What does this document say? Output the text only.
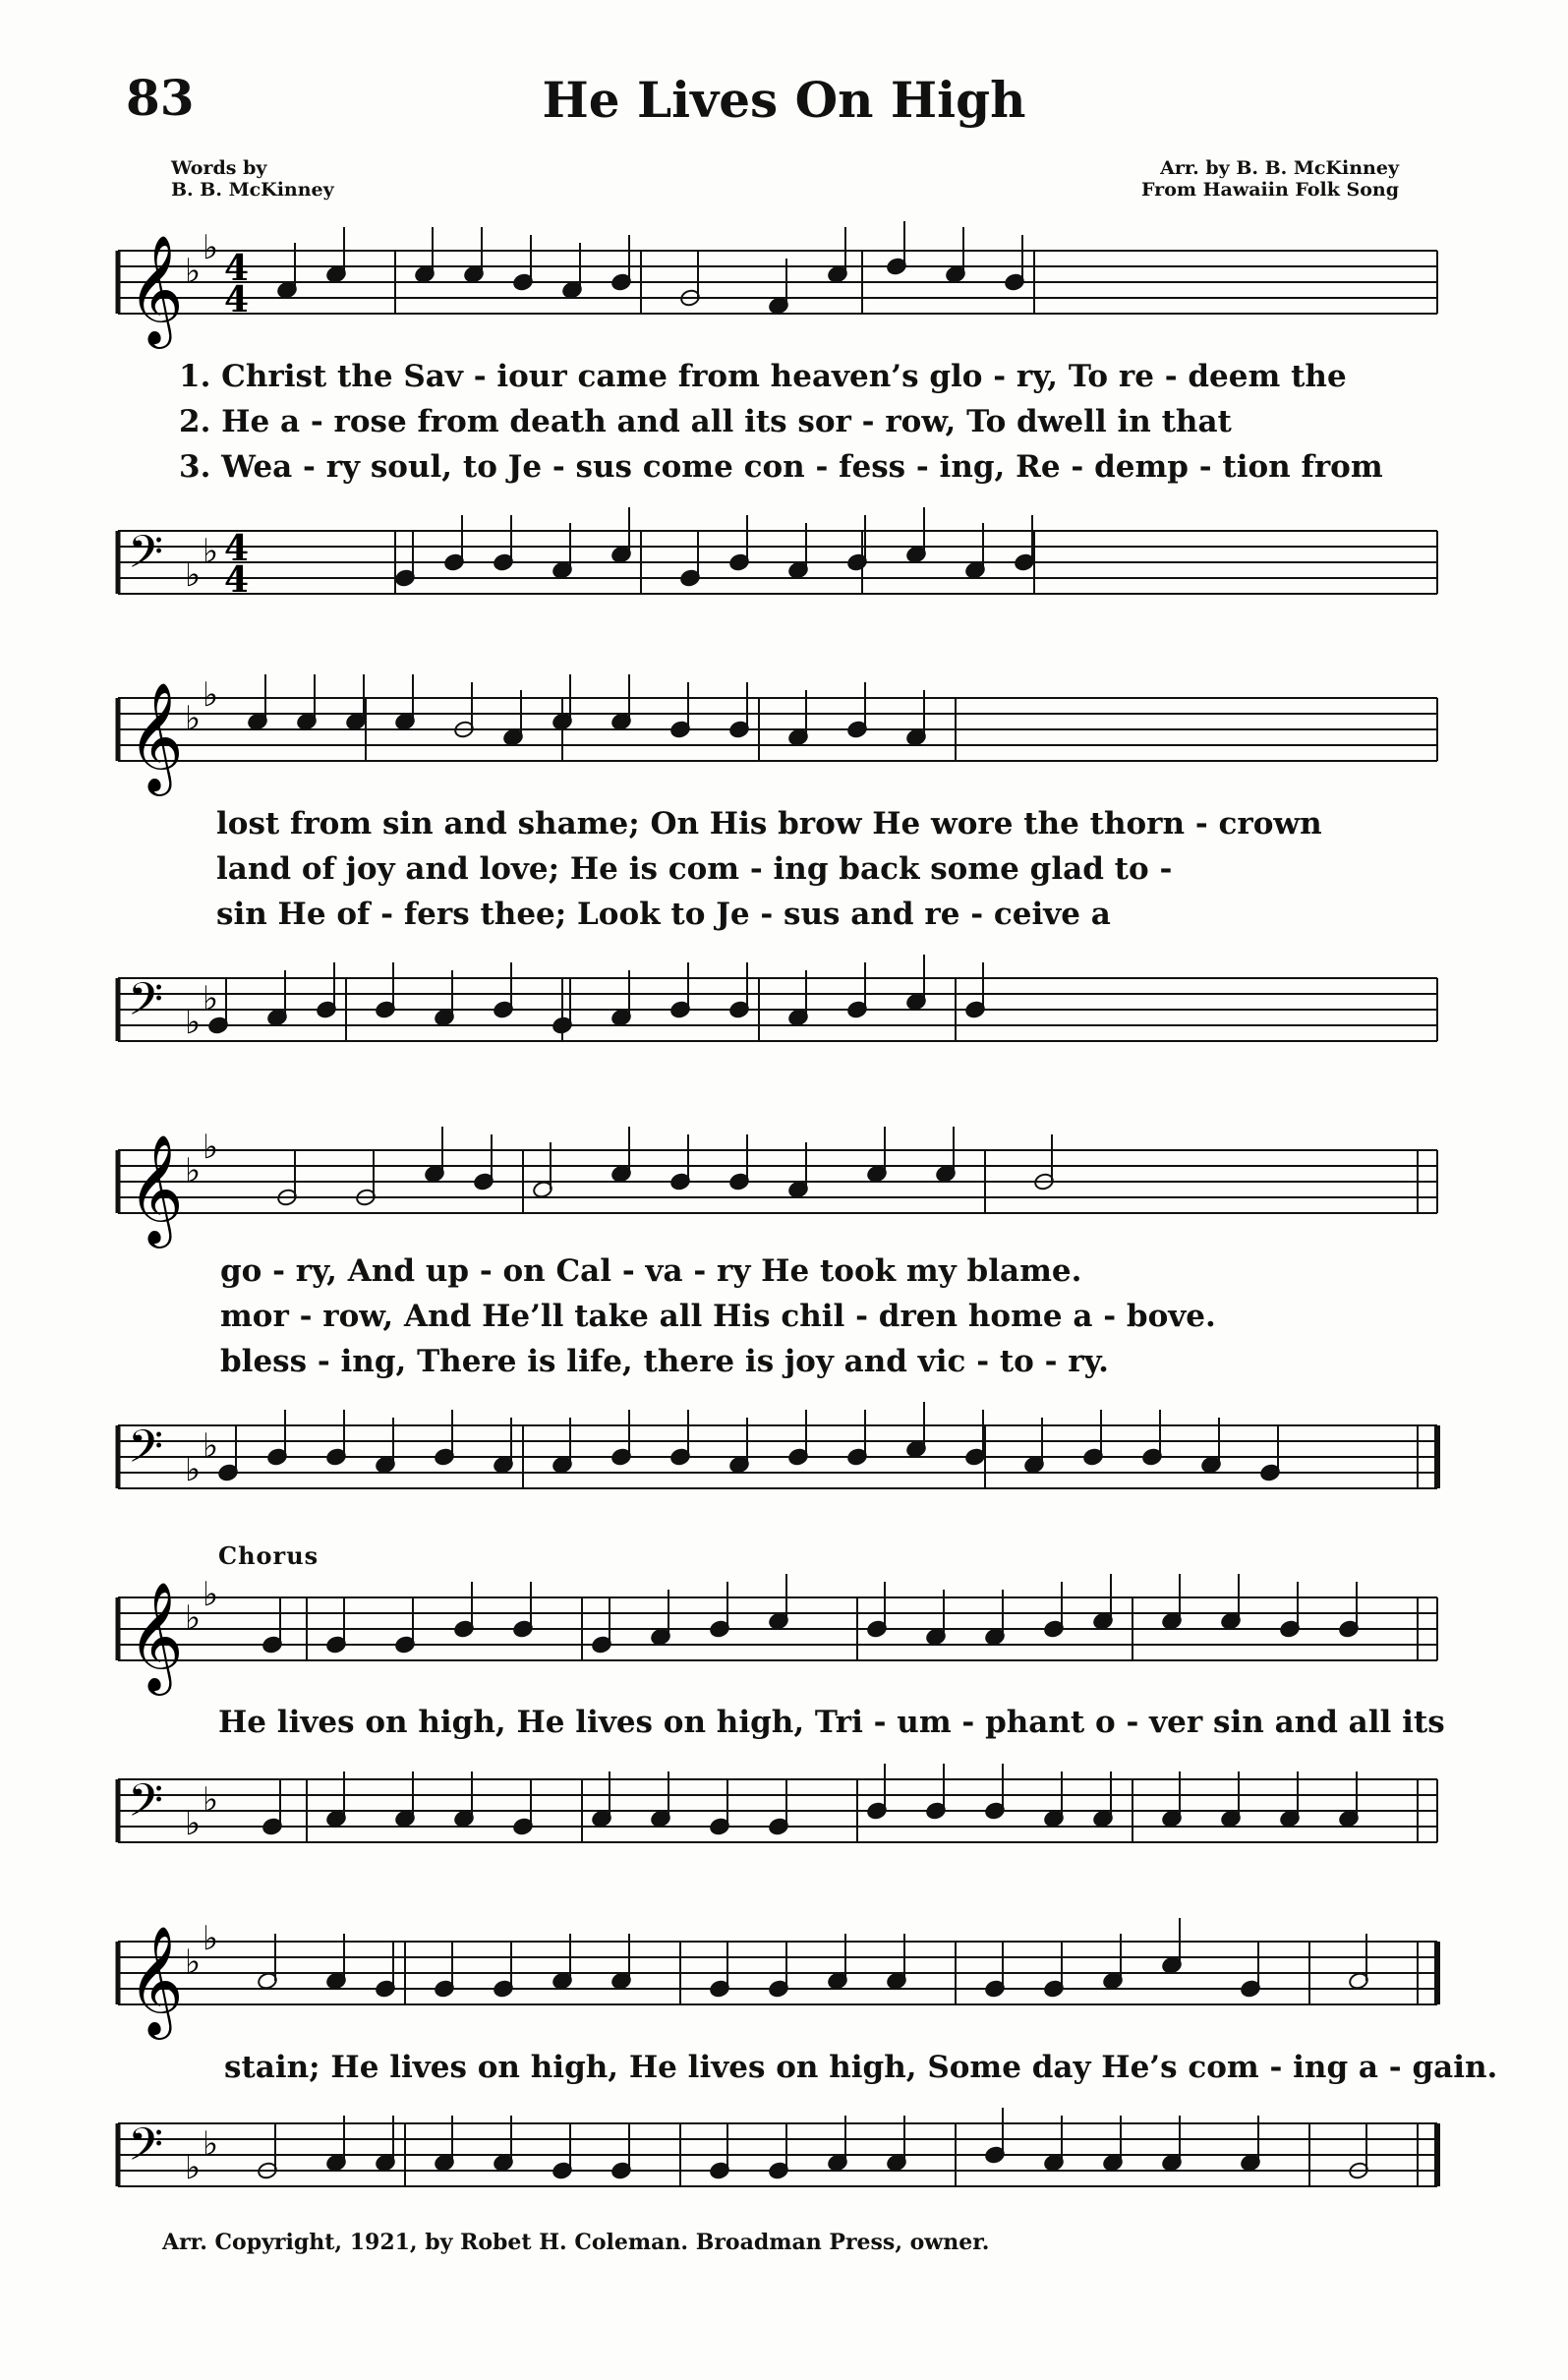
83	He Lives On High
Words by
B. B. McKinney
Arr. by B. B. McKinney
From Hawaiin Folk Song
𝄞 ♭
♭ 4
4
1. Christ the Sav - iour came from heaven’s glo - ry, To re - deem the
2. He a - rose from death and all its sor - row, To dwell in that
3. Wea - ry soul, to Je - sus come con - fess - ing, Re - demp - tion from
𝄢 ♭
♭ 4
4
𝄞 ♭
♭
lost from sin and shame; On His brow He wore the thorn - crown
land of joy and love; He is com - ing back some glad to -
sin He of - fers thee; Look to Je - sus and re - ceive a
𝄢 ♭
♭
𝄞 ♭
♭
go - ry, And up - on Cal - va - ry He took my blame.
mor - row, And He’ll take all His chil - dren home a - bove.
bless - ing, There is life, there is joy and vic - to - ry.
𝄢 ♭
♭
Chorus
𝄞 ♭
♭
He lives on high, He lives on high, Tri - um - phant o - ver sin and all its
𝄢 ♭
♭
𝄞 ♭
♭
stain; He lives on high, He lives on high, Some day He’s com - ing a - gain.
𝄢 ♭
♭
Arr. Copyright, 1921, by Robet H. Coleman. Broadman Press, owner.
